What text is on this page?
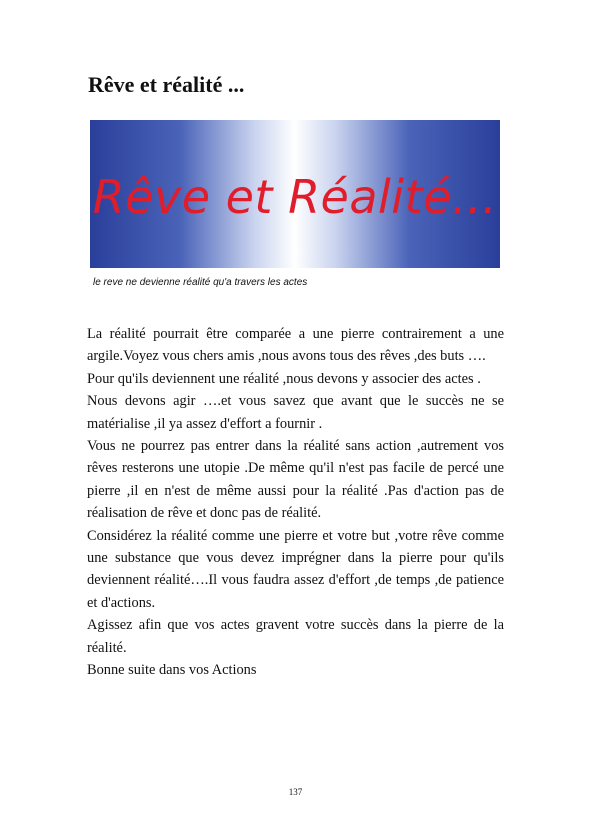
Rêve et réalité ...
Rêve et Réalité...
le reve ne devienne réalité qu'a travers les actes

La réalité pourrait être comparée a une pierre contrairement a une argile.Voyez vous chers amis ,nous avons tous des rêves ,des buts ….

Pour qu'ils deviennent une réalité ,nous devons y associer des actes .

Nous devons agir ….et vous savez que avant que le succès ne se matérialise ,il ya assez d'effort a fournir .

Vous ne pourrez pas entrer dans la réalité sans action ,autrement vos rêves resterons une utopie .De même qu'il n'est pas facile de percé une pierre ,il en n'est de même aussi pour la réalité .Pas d'action pas de réalisation de rêve et donc pas de réalité.

Considérez la réalité comme une pierre et votre but ,votre rêve comme une substance que vous devez imprégner dans la pierre pour qu'ils deviennent réalité….Il vous faudra assez d'effort ,de temps ,de patience et d'actions.

Agissez afin que vos actes gravent votre succès dans la pierre de la réalité.

Bonne suite dans vos Actions

137
